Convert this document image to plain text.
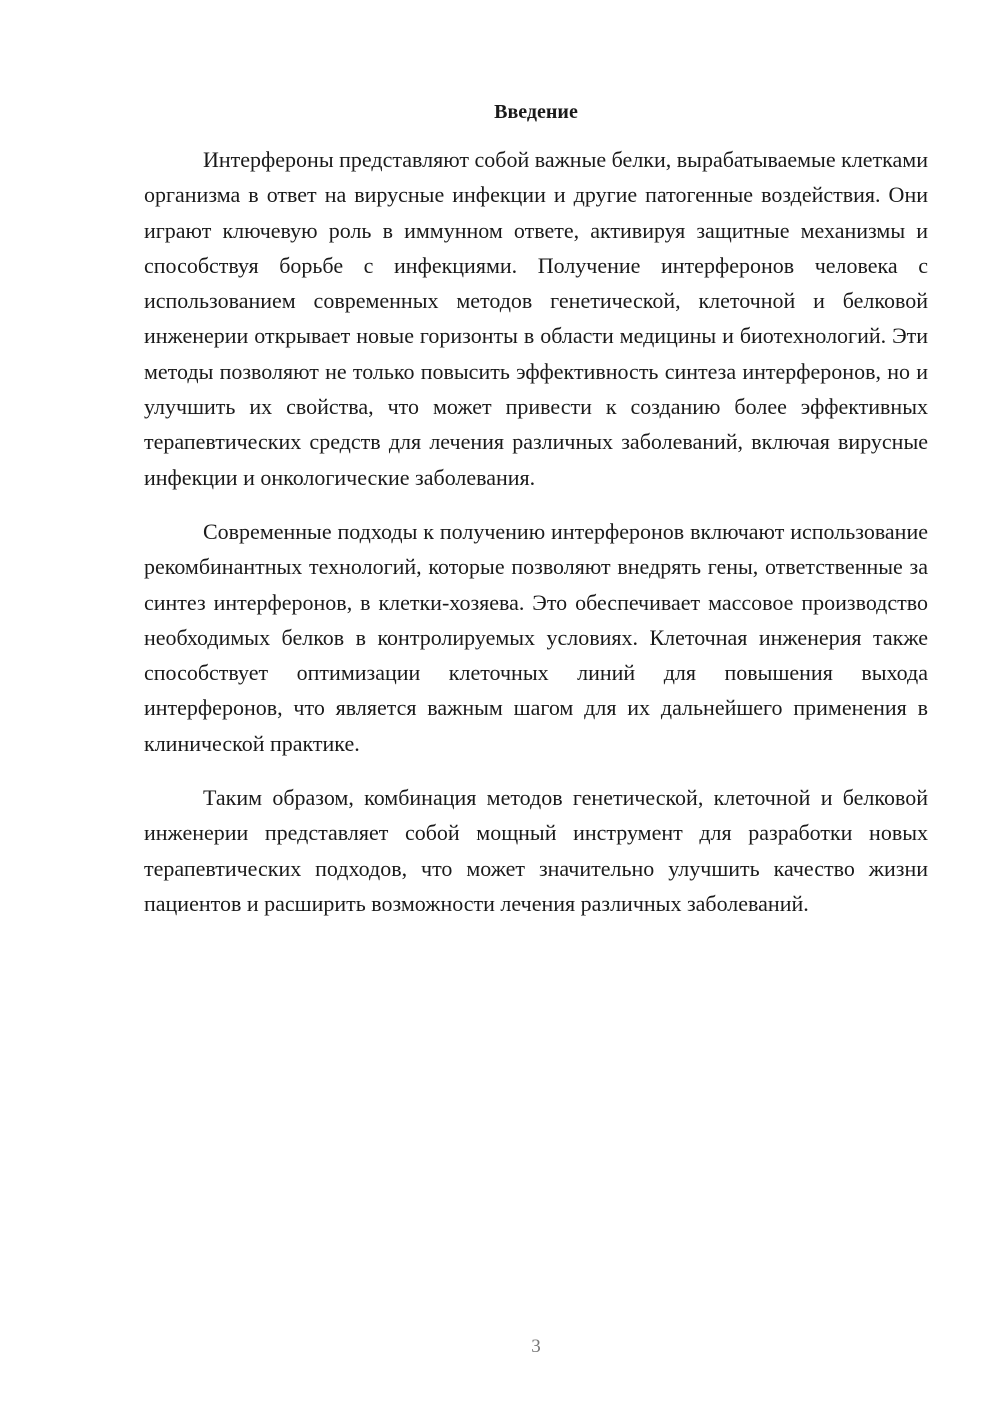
Введение

Интерфероны представляют собой важные белки, вырабатываемые клетками организма в ответ на вирусные инфекции и другие патогенные воздействия. Они играют ключевую роль в иммунном ответе, активируя защитные механизмы и способствуя борьбе с инфекциями. Получение интерферонов человека с использованием современных методов генетической, клеточной и белковой инженерии открывает новые горизонты в области медицины и биотехнологий. Эти методы позволяют не только повысить эффективность синтеза интерферонов, но и улучшить их свойства, что может привести к созданию более эффективных терапевтических средств для лечения различных заболеваний, включая вирусные инфекции и онкологические заболевания.

Современные подходы к получению интерферонов включают использование рекомбинантных технологий, которые позволяют внедрять гены, ответственные за синтез интерферонов, в клетки-хозяева. Это обеспечивает массовое производство необходимых белков в контролируемых условиях. Клеточная инженерия также способствует оптимизации клеточных линий для повышения выхода интерферонов, что является важным шагом для их дальнейшего применения в клинической практике.

Таким образом, комбинация методов генетической, клеточной и белковой инженерии представляет собой мощный инструмент для разработки новых терапевтических подходов, что может значительно улучшить качество жизни пациентов и расширить возможности лечения различных заболеваний.

3
